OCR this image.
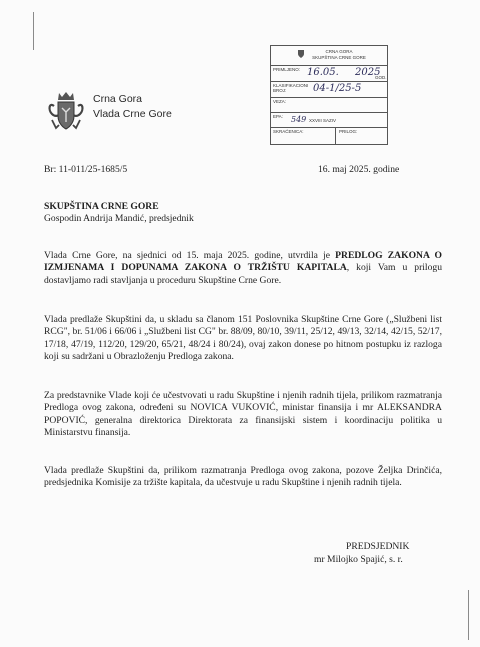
Crna Gora
Vlada Crne Gore
CRNA GORA
SKUPŠTINA CRNE GORE
PRIMLJENO: 16.05. 2025
GOD.
KLASIFIKACIONI BROJ:	04-1/25-5
VEZA:
EPA: 549 XXVIII SAZIV
SKRAĆENICA:	PRILOG:
Br: 11-011/25-1685/5	16. maj 2025. godine
SKUPŠTINA CRNE GORE
Gospodin Andrija Mandić, predsjednik
Vlada Crne Gore, na sjednici od 15. maja 2025. godine, utvrdila je PREDLOG ZAKONA O IZMJENAMA I DOPUNAMA ZAKONA O TRŽIŠTU KAPITALA, koji Vam u prilogu dostavljamo radi stavljanja u proceduru Skupštine Crne Gore.
Vlada predlaže Skupštini da, u skladu sa članom 151 Poslovnika Skupštine Crne Gore („Službeni list RCG", br. 51/06 i 66/06 i „Službeni list CG" br. 88/09, 80/10, 39/11, 25/12, 49/13, 32/14, 42/15, 52/17, 17/18, 47/19, 112/20, 129/20, 65/21, 48/24 i 80/24), ovaj zakon donese po hitnom postupku iz razloga koji su sadržani u Obrazloženju Predloga zakona.
Za predstavnike Vlade koji će učestvovati u radu Skupštine i njenih radnih tijela, prilikom razmatranja Predloga ovog zakona, određeni su NOVICA VUKOVIĆ, ministar finansija i mr ALEKSANDRA POPOVIĆ, generalna direktorica Direktorata za finansijski sistem i koordinaciju politika u Ministarstvu finansija.
Vlada predlaže Skupštini da, prilikom razmatranja Predloga ovog zakona, pozove Željka Drinčića, predsjednika Komisije za tržište kapitala, da učestvuje u radu Skupštine i njenih radnih tijela.
PREDSJEDNIK
mr Milojko Spajić, s. r.
